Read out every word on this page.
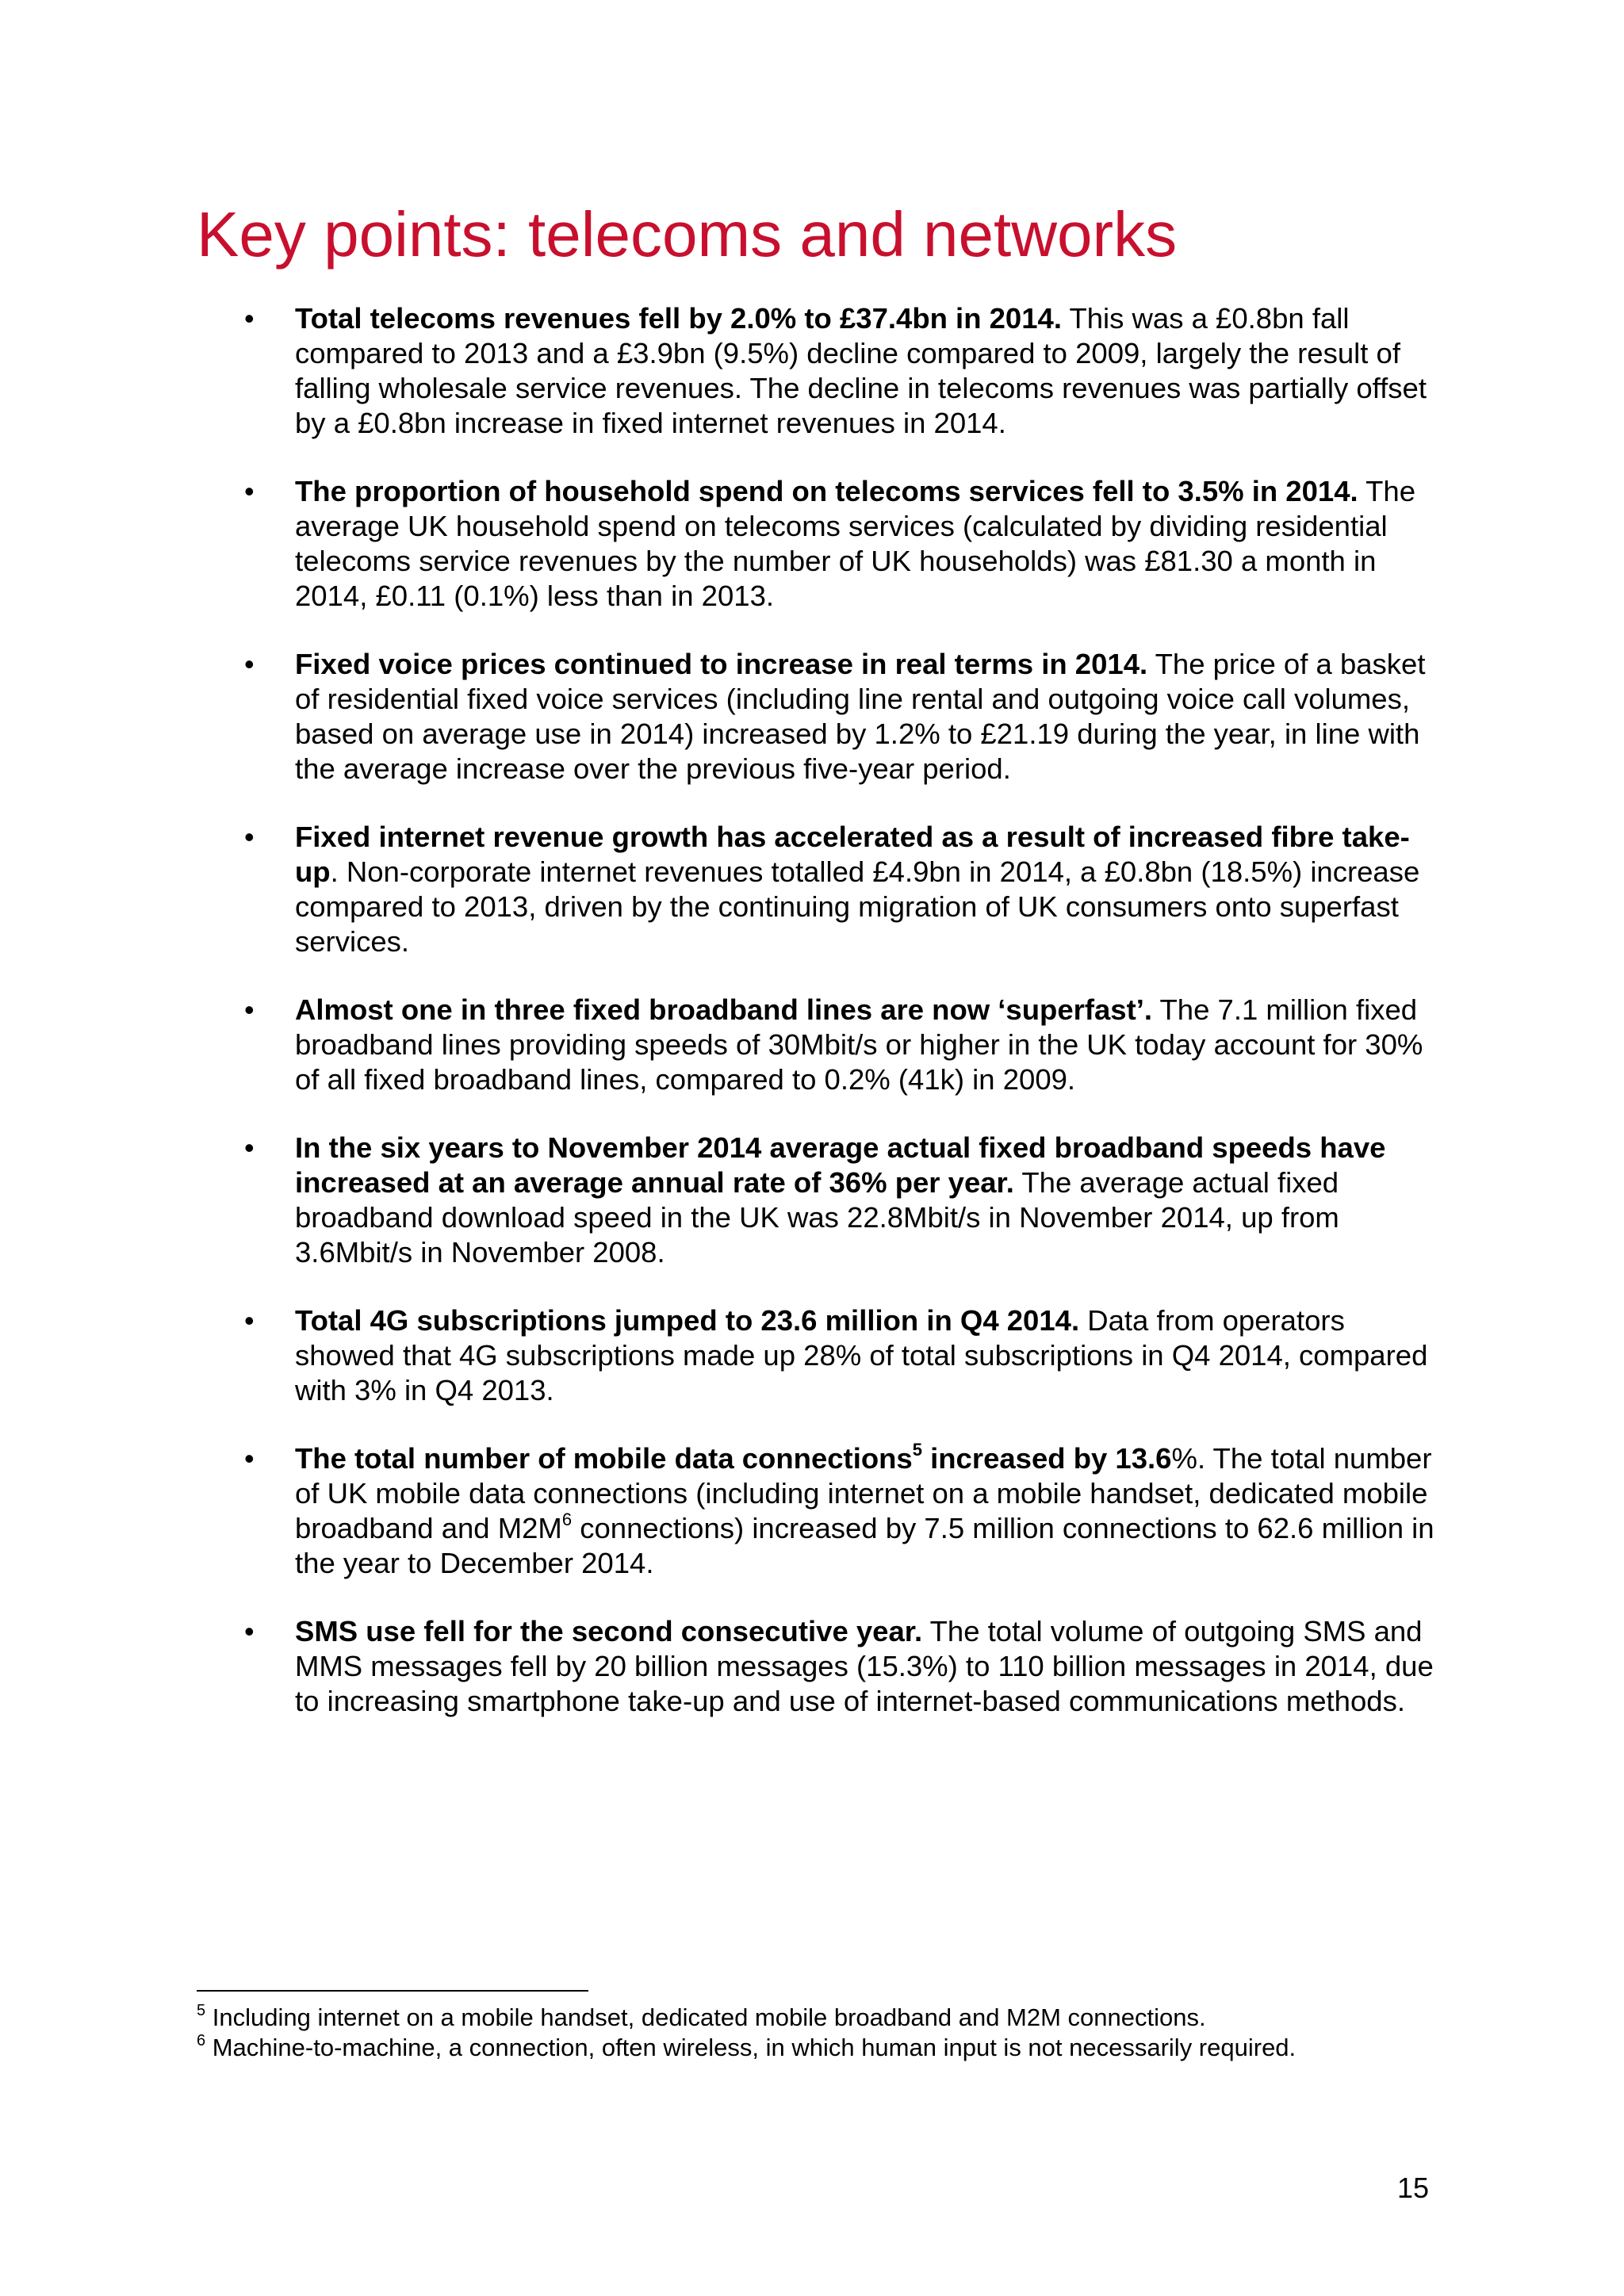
Key points: telecoms and networks
• Total telecoms revenues fell by 2.0% to £37.4bn in 2014. This was a £0.8bn fall compared to 2013 and a £3.9bn (9.5%) decline compared to 2009, largely the result of falling wholesale service revenues. The decline in telecoms revenues was partially offset by a £0.8bn increase in fixed internet revenues in 2014.
• The proportion of household spend on telecoms services fell to 3.5% in 2014. The average UK household spend on telecoms services (calculated by dividing residential telecoms service revenues by the number of UK households) was £81.30 a month in 2014, £0.11 (0.1%) less than in 2013.
• Fixed voice prices continued to increase in real terms in 2014. The price of a basket of residential fixed voice services (including line rental and outgoing voice call volumes, based on average use in 2014) increased by 1.2% to £21.19 during the year, in line with the average increase over the previous five-year period.
• Fixed internet revenue growth has accelerated as a result of increased fibre take-up. Non-corporate internet revenues totalled £4.9bn in 2014, a £0.8bn (18.5%) increase compared to 2013, driven by the continuing migration of UK consumers onto superfast services.
• Almost one in three fixed broadband lines are now ‘superfast’. The 7.1 million fixed broadband lines providing speeds of 30Mbit/s or higher in the UK today account for 30% of all fixed broadband lines, compared to 0.2% (41k) in 2009.
• In the six years to November 2014 average actual fixed broadband speeds have increased at an average annual rate of 36% per year. The average actual fixed broadband download speed in the UK was 22.8Mbit/s in November 2014, up from 3.6Mbit/s in November 2008.
• Total 4G subscriptions jumped to 23.6 million in Q4 2014. Data from operators showed that 4G subscriptions made up 28% of total subscriptions in Q4 2014, compared with 3% in Q4 2013.
• The total number of mobile data connections$^5$ increased by 13.6%. The total number of UK mobile data connections (including internet on a mobile handset, dedicated mobile broadband and $M2M^6$ connections) increased by 7.5 million connections to 62.6 million in the year to December 2014.
• SMS use fell for the second consecutive year. The total volume of outgoing SMS and MMS messages fell by 20 billion messages (15.3%) to 110 billion messages in 2014, due to increasing smartphone take-up and use of internet-based communications methods.
$^5$ Including internet on a mobile handset, dedicated mobile broadband and M2M connections.
$^6$ Machine-to-machine, a connection, often wireless, in which human input is not necessarily required.
15
